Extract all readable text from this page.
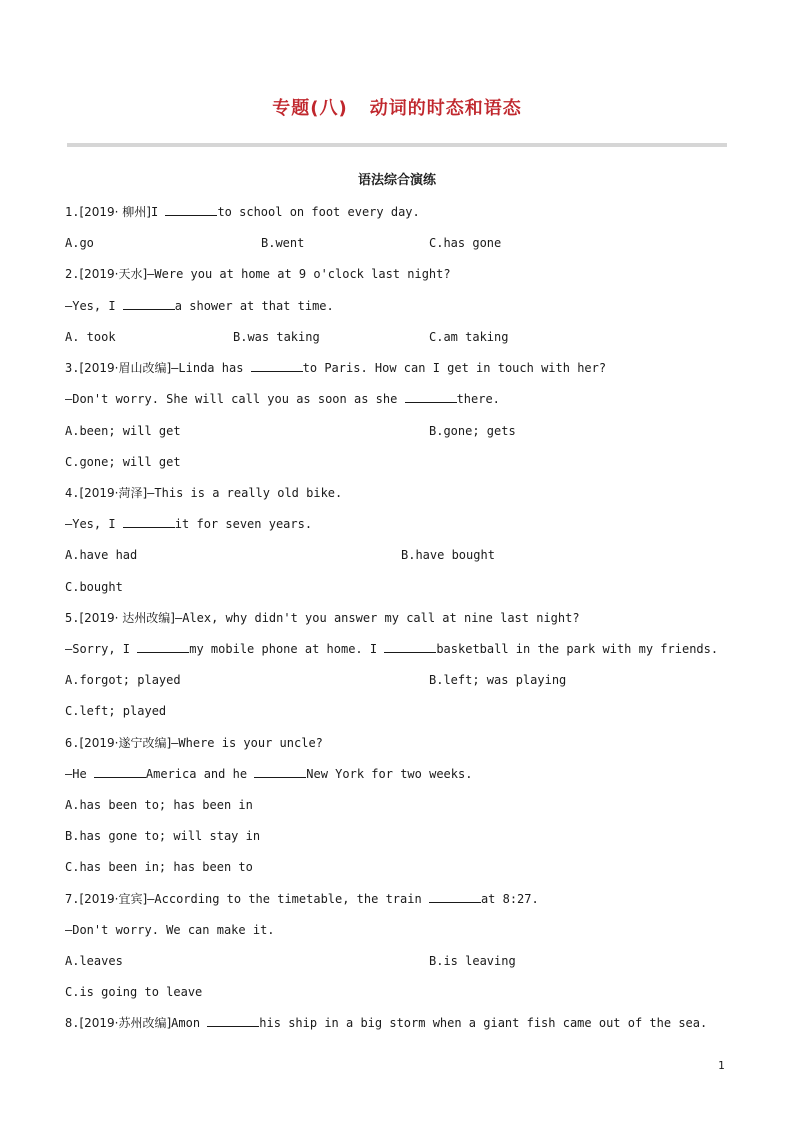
专题(八) 动词的时态和语态
语法综合演练
1.[2019· 柳州]I	to school on foot every day.
A.go	B.went	C.has gone
2.[2019·天水]—Were you at home at 9 o'clock last night?
—Yes, I	a shower at that time.
A. took	B.was taking	C.am taking
3.[2019·眉山改编]—Linda has	to Paris. How can I get in touch with her?
—Don't worry. She will call you as soon as she	there.
A.been; will get	B.gone; gets
C.gone; will get
4.[2019·菏泽]—This is a really old bike.
—Yes, I	it for seven years.
A.have had	B.have bought
C.bought
5.[2019· 达州改编]—Alex, why didn't you answer my call at nine last night?
—Sorry, I	my mobile phone at home. I	basketball in the park with my friends.
A.forgot; played	B.left; was playing
C.left; played
6.[2019·遂宁改编]—Where is your uncle?
—He	America and he	New York for two weeks.
A.has been to; has been in
B.has gone to; will stay in
C.has been in; has been to
7.[2019·宜宾]—According to the timetable, the train	at 8:27.
—Don't worry. We can make it.
A.leaves	B.is leaving
C.is going to leave
8.[2019·苏州改编]Amon	his ship in a big storm when a giant fish came out of the sea.
1
